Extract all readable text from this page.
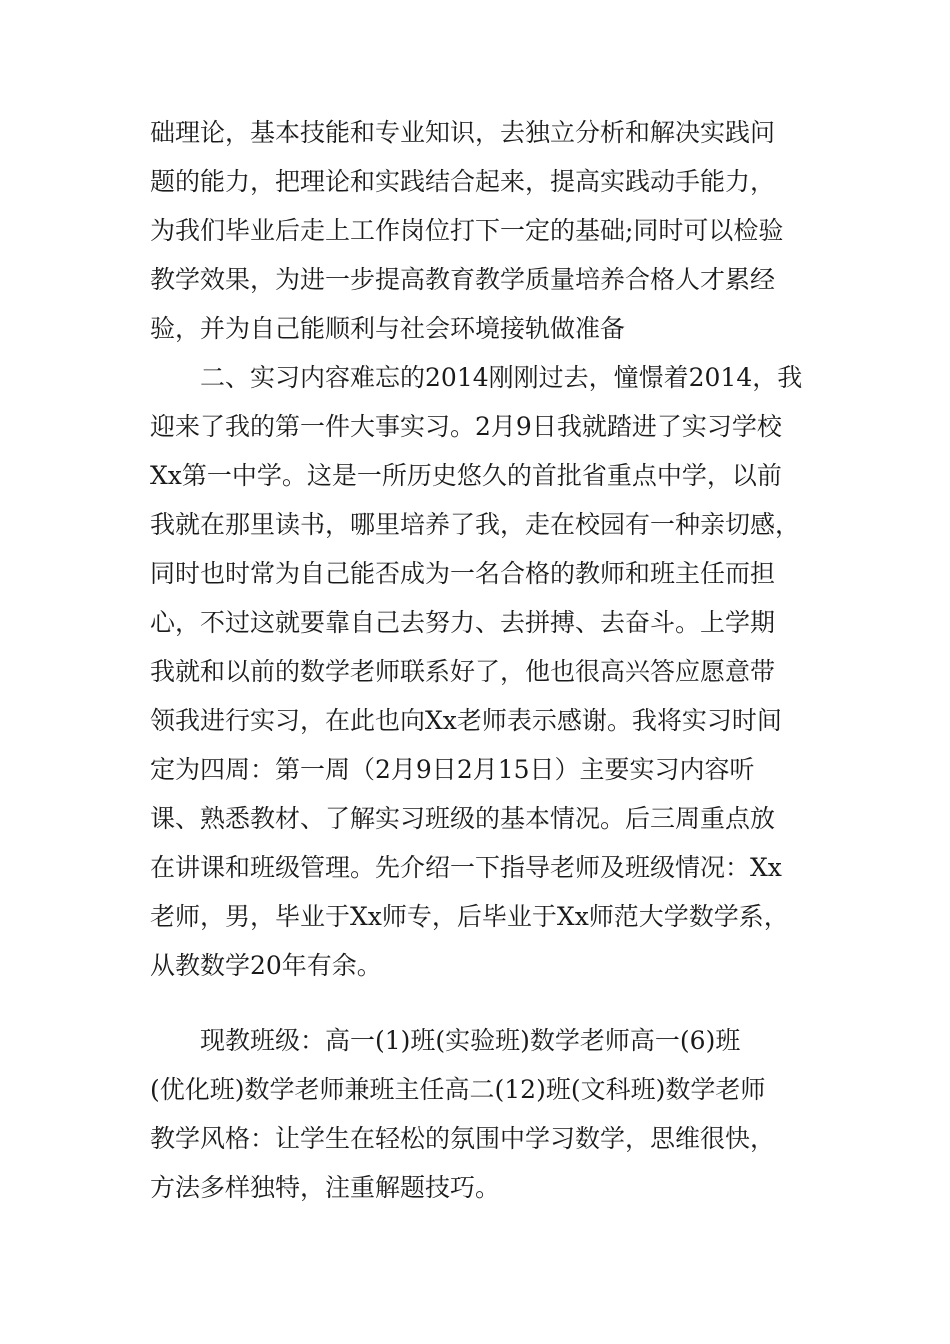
础理论，基本技能和专业知识，去独立分析和解决实践问
题的能力，把理论和实践结合起来，提高实践动手能力，
为我们毕业后走上工作岗位打下一定的基础;同时可以检验
教学效果，为进一步提高教育教学质量培养合格人才累经
验，并为自己能顺利与社会环境接轨做准备
　　二、实习内容难忘的2014刚刚过去，憧憬着2014，我
迎来了我的第一件大事实习。2月9日我就踏进了实习学校
Xx第一中学。这是一所历史悠久的首批省重点中学，以前
我就在那里读书，哪里培养了我，走在校园有一种亲切感，
同时也时常为自己能否成为一名合格的教师和班主任而担
心，不过这就要靠自己去努力、去拼搏、去奋斗。上学期
我就和以前的数学老师联系好了，他也很高兴答应愿意带
领我进行实习，在此也向Xx老师表示感谢。我将实习时间
定为四周：第一周（2月9日2月15日）主要实习内容听
课、熟悉教材、了解实习班级的基本情况。后三周重点放
在讲课和班级管理。先介绍一下指导老师及班级情况：Xx
老师，男，毕业于Xx师专，后毕业于Xx师范大学数学系，
从教数学20年有余。
　　现教班级：高一(1)班(实验班)数学老师高一(6)班
(优化班)数学老师兼班主任高二(12)班(文科班)数学老师
教学风格：让学生在轻松的氛围中学习数学，思维很快，
方法多样独特，注重解题技巧。
